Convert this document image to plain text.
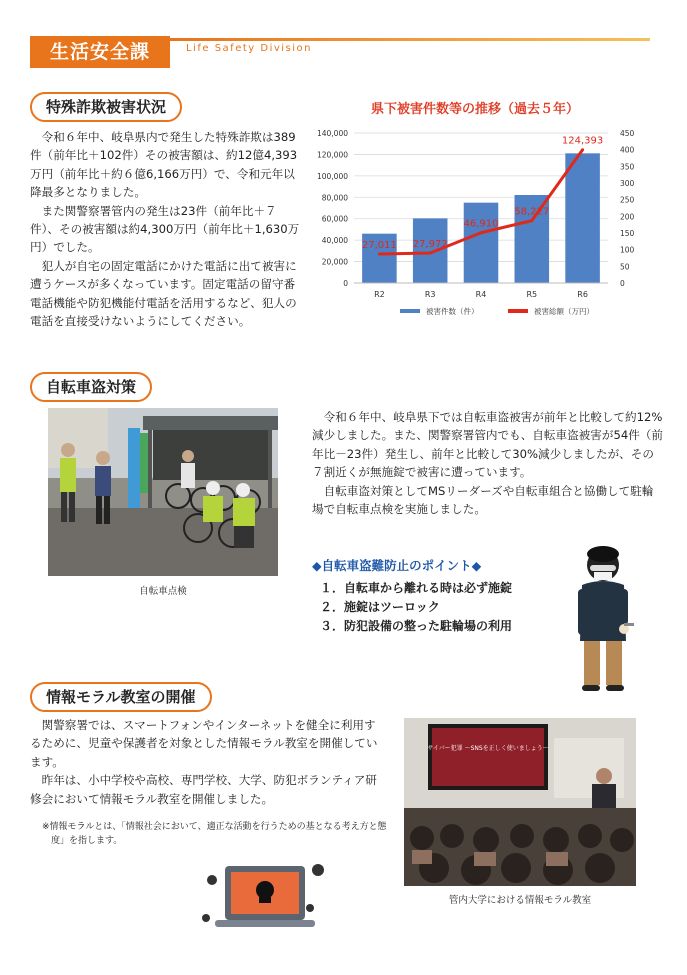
生活安全課	Life Safety Division
特殊詐欺被害状況

令和６年中、岐阜県内で発生した特殊詐欺は389件（前年比＋102件）その被害額は、約12億4,393万円（前年比＋約６億6,166万円）で、令和元年以降最多となりました。

また関警察署管内の発生は23件（前年比＋７件）、その被害額は約4,300万円（前年比＋1,630万円）でした。

犯人が自宅の固定電話にかけた電話に出て被害に遭うケースが多くなっています。固定電話の留守番電話機能や防犯機能付電話を活用するなど、犯人の電話を直接受けないようにしてください。

県下被害件数等の推移（過去５年）
27,011 27,972
46,910
58,227
124,393
0
20,000
40,000
60,000
80,000
100,000
120,000
140,000
0
50
100
150
200
250
300
350
400
450
R2	R3	R4	R5	R6
被害件数（件）	被害総額（万円）
自転車盗対策
自転車点検

令和６年中、岐阜県下では自転車盗被害が前年と比較して約12%減少しました。また、関警察署管内でも、自転車盗被害が54件（前年比－23件）発生し、前年と比較して30%減少しましたが、その７割近くが無施錠で被害に遭っています。

自転車盗対策としてMSリーダーズや自転車組合と協働して駐輪場で自転車点検を実施しました。

◆自転車盗難防止のポイント◆
１．自転車から離れる時は必ず施錠
２．施錠はツーロック
３．防犯設備の整った駐輪場の利用
情報モラル教室の開催

関警察署では、スマートフォンやインターネットを健全に利用するために、児童や保護者を対象とした情報モラル教室を開催しています。

昨年は、小中学校や高校、専門学校、大学、防犯ボランティア研修会において情報モラル教室を開催しました。

※情報モラルとは、「情報社会において、適正な活動を行うための基となる考え方と態度」を指します。
サイバー犯罪 ～SNSを正しく使いましょう～
管内大学における情報モラル教室
